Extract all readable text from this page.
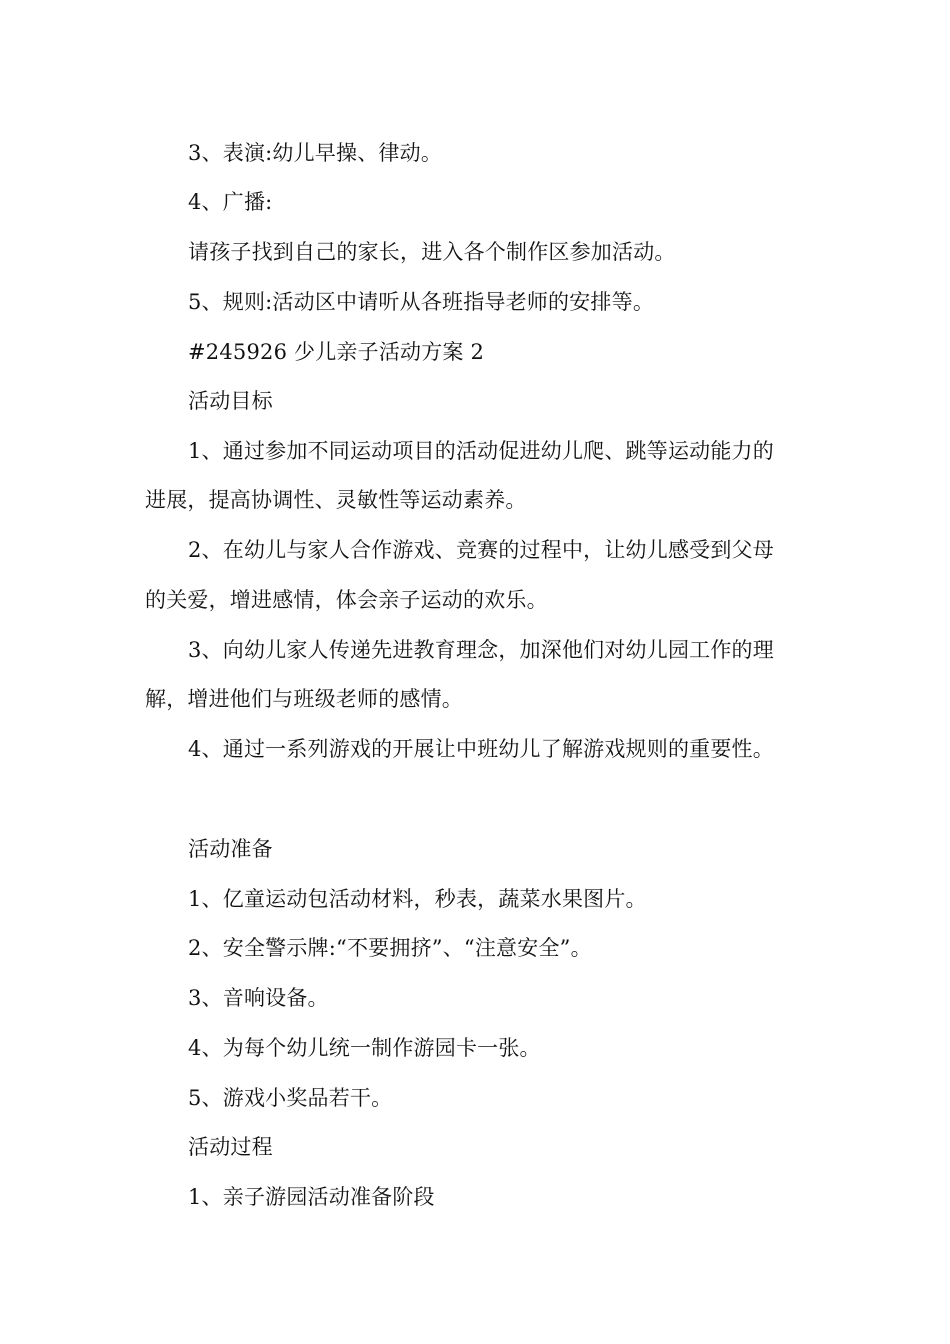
3、表演:幼儿早操、律动。
4、广播:
请孩子找到自己的家长，进入各个制作区参加活动。
5、规则:活动区中请听从各班指导老师的安排等。
#245926 少儿亲子活动方案 2
活动目标
1、通过参加不同运动项目的活动促进幼儿爬、跳等运动能力的
进展，提高协调性、灵敏性等运动素养。
2、在幼儿与家人合作游戏、竞赛的过程中，让幼儿感受到父母
的关爱，增进感情，体会亲子运动的欢乐。
3、向幼儿家人传递先进教育理念，加深他们对幼儿园工作的理
解，增进他们与班级老师的感情。
4、通过一系列游戏的开展让中班幼儿了解游戏规则的重要性。
活动准备
1、亿童运动包活动材料，秒表，蔬菜水果图片。
2、安全警示牌:“不要拥挤”、“注意安全”。
3、音响设备。
4、为每个幼儿统一制作游园卡一张。
5、游戏小奖品若干。
活动过程
1、亲子游园活动准备阶段
